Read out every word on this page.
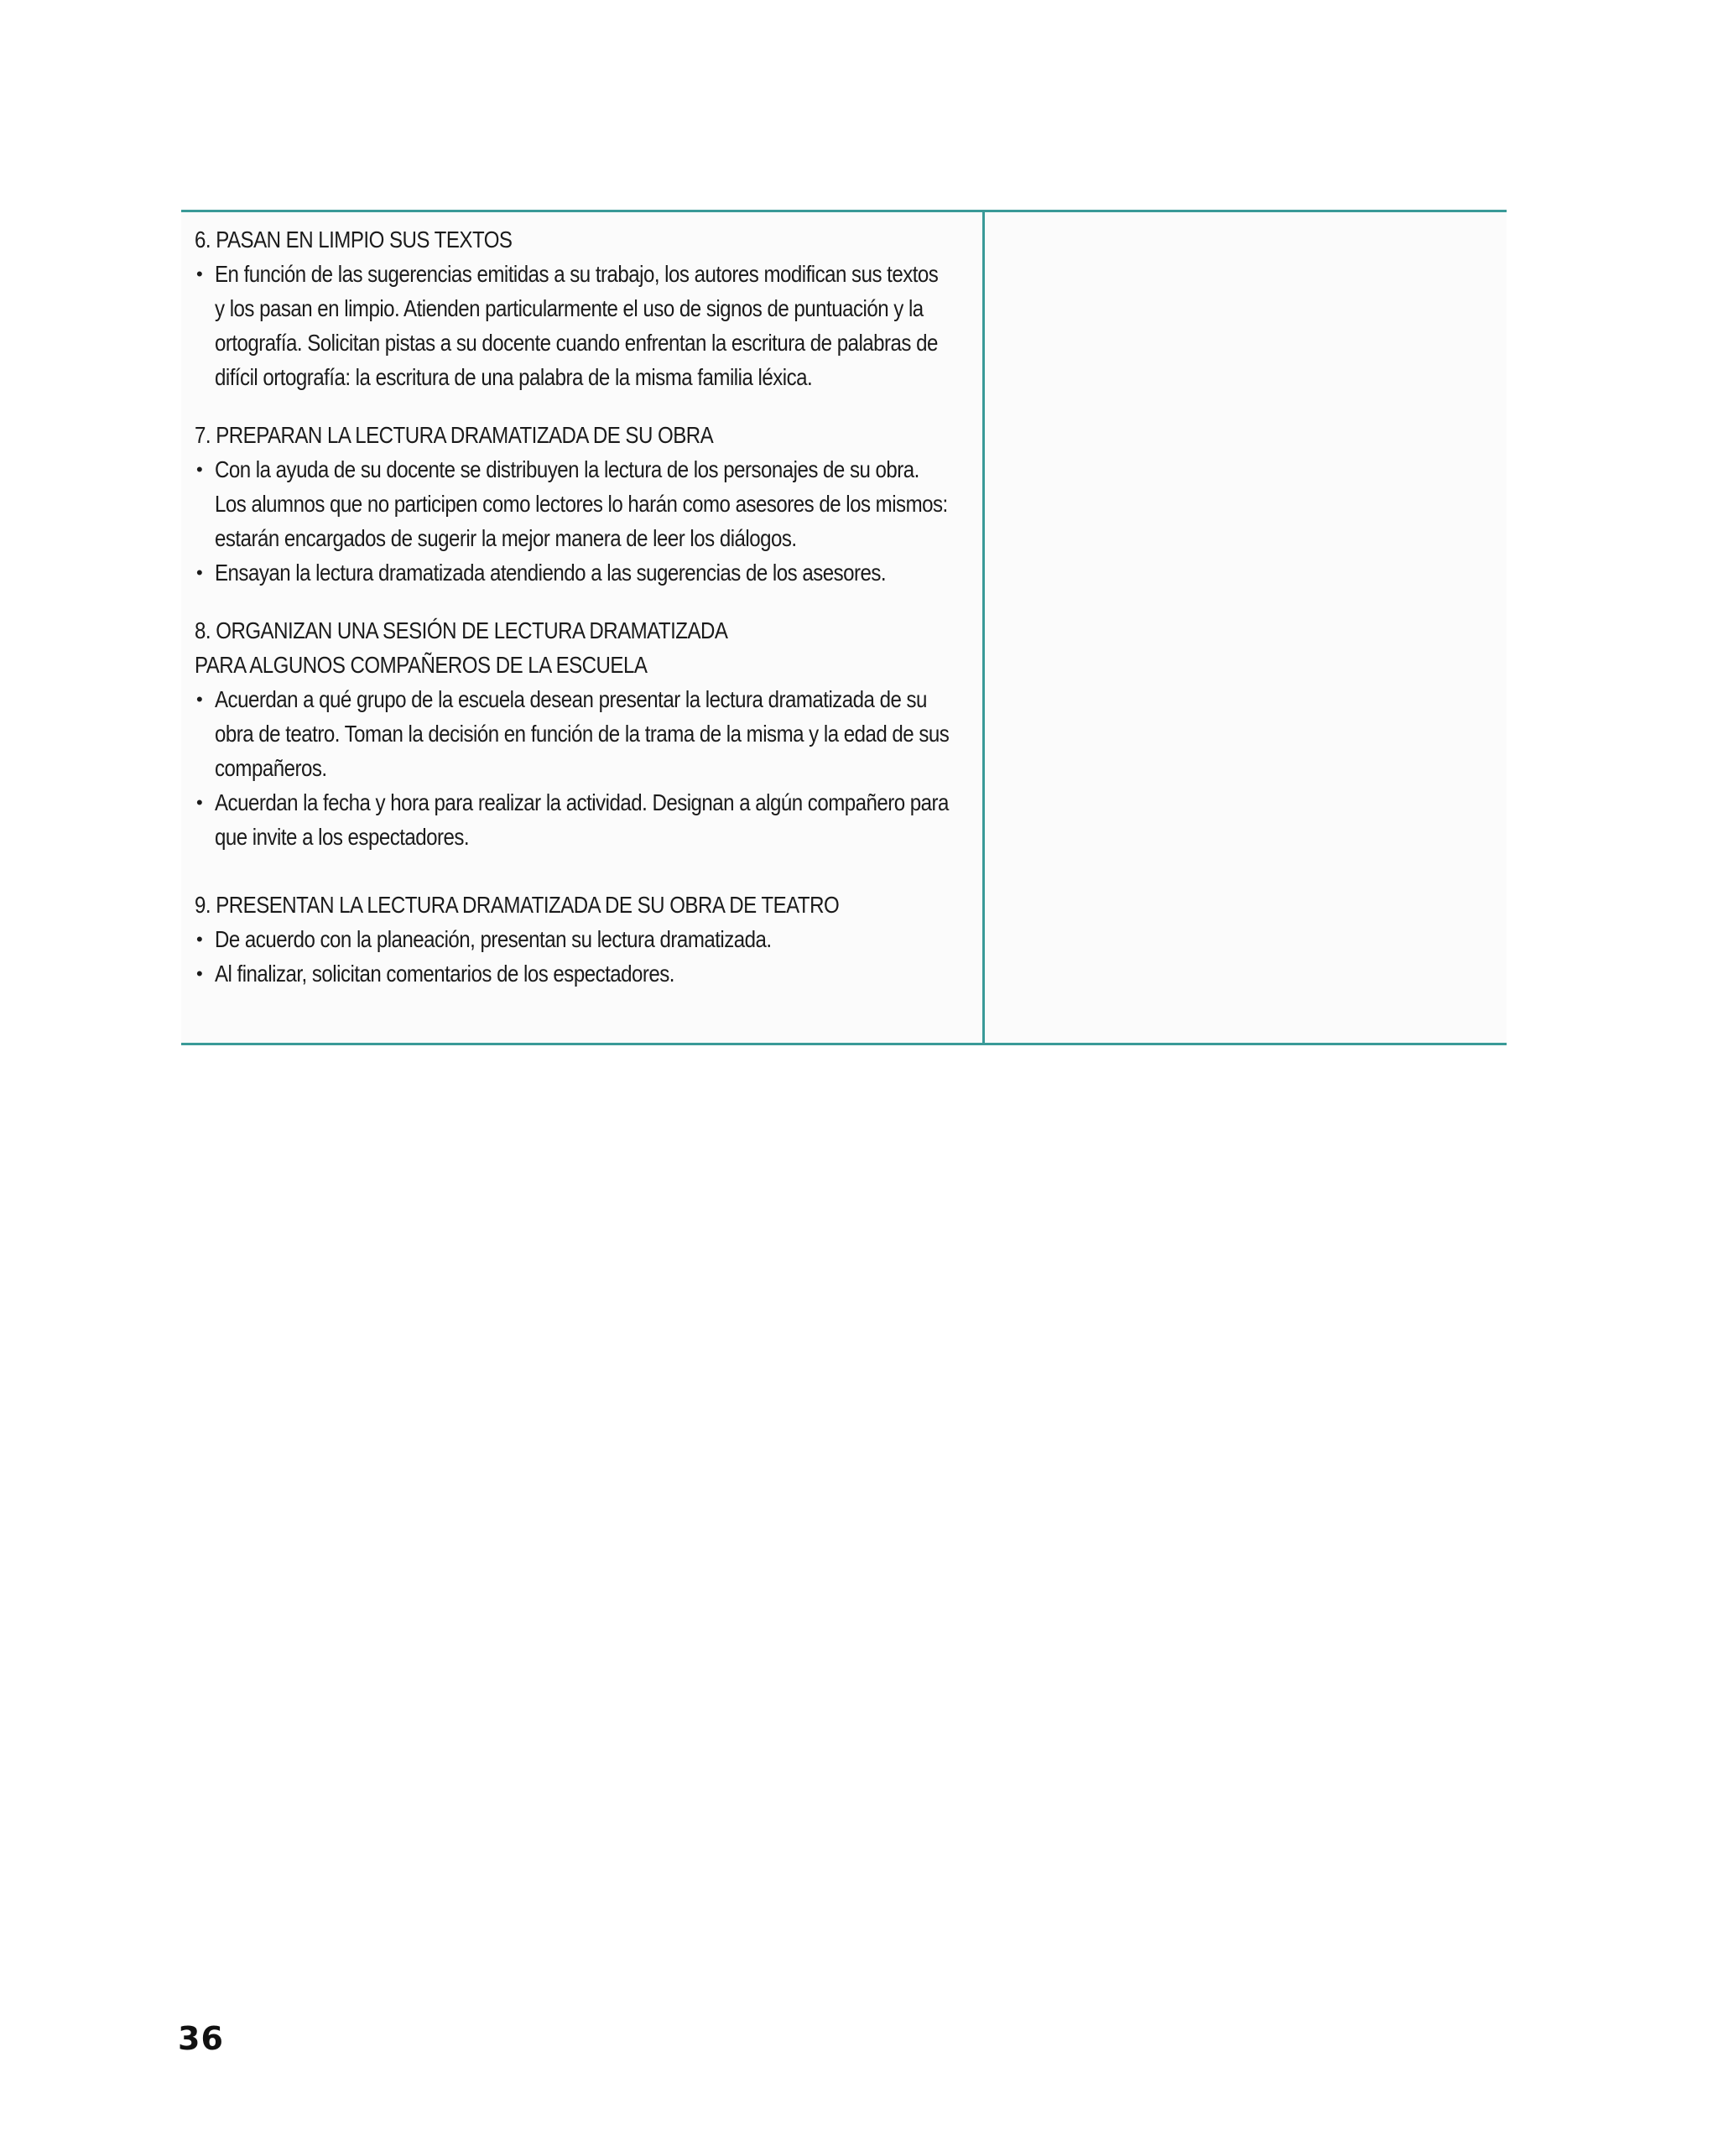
6. PASAN EN LIMPIO SUS TEXTOS
• En función de las sugerencias emitidas a su trabajo, los autores modifican sus textos y los pasan en limpio. Atienden particularmente el uso de signos de puntuación y la ortografía. Solicitan pistas a su docente cuando enfrentan la escritura de palabras de difícil ortografía: la escritura de una palabra de la misma familia léxica.
7. PREPARAN LA LECTURA DRAMATIZADA DE SU OBRA
• Con la ayuda de su docente se distribuyen la lectura de los personajes de su obra. Los alumnos que no participen como lectores lo harán como asesores de los mismos: estarán encargados de sugerir la mejor manera de leer los diálogos.
• Ensayan la lectura dramatizada atendiendo a las sugerencias de los asesores.
8. ORGANIZAN UNA SESIÓN DE LECTURA DRAMATIZADA
PARA ALGUNOS COMPAÑEROS DE LA ESCUELA
• Acuerdan a qué grupo de la escuela desean presentar la lectura dramatizada de su obra de teatro. Toman la decisión en función de la trama de la misma y la edad de sus compañeros.
• Acuerdan la fecha y hora para realizar la actividad. Designan a algún compañero para que invite a los espectadores.
9. PRESENTAN LA LECTURA DRAMATIZADA DE SU OBRA DE TEATRO
• De acuerdo con la planeación, presentan su lectura dramatizada.
• Al finalizar, solicitan comentarios de los espectadores.
36
